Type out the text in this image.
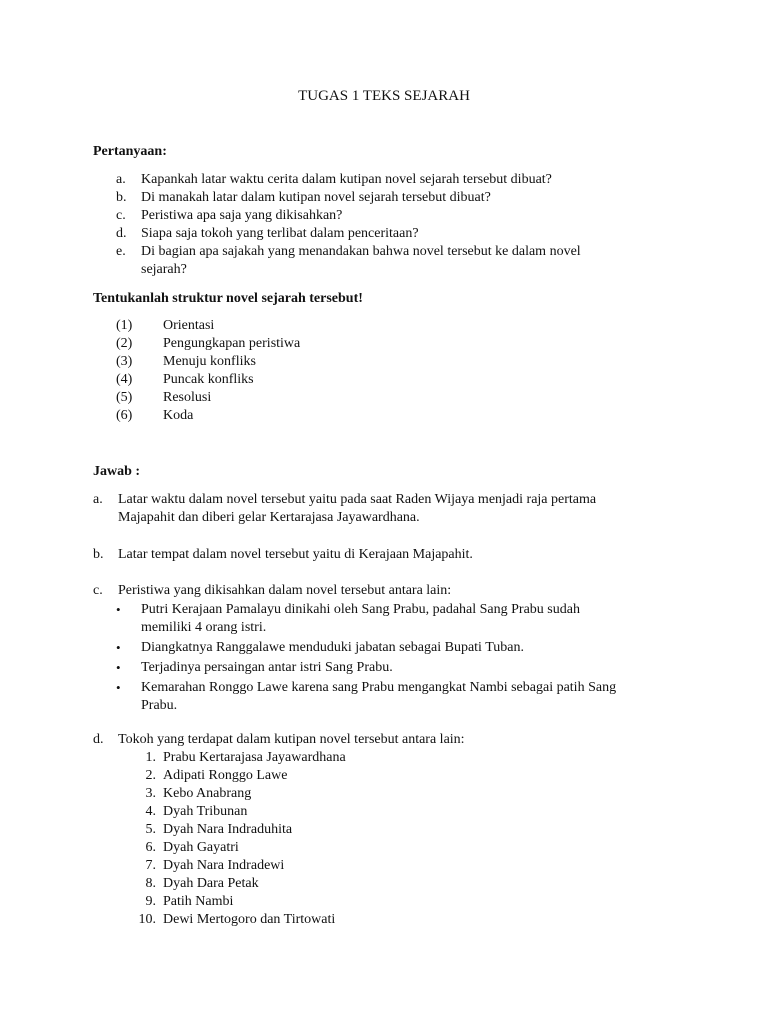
TUGAS 1 TEKS SEJARAH
Pertanyaan:
a. Kapankah latar waktu cerita dalam kutipan novel sejarah tersebut dibuat?
b. Di manakah latar dalam kutipan novel sejarah tersebut dibuat?
c. Peristiwa apa saja yang dikisahkan?
d. Siapa saja tokoh yang terlibat dalam penceritaan?
e. Di bagian apa sajakah yang menandakan bahwa novel tersebut ke dalam novel
sejarah?
Tentukanlah struktur novel sejarah tersebut!
(1) Orientasi
(2) Pengungkapan peristiwa
(3) Menuju konfliks
(4) Puncak konfliks
(5) Resolusi
(6) Koda
Jawab :
a. Latar waktu dalam novel tersebut yaitu pada saat Raden Wijaya menjadi raja pertama
Majapahit dan diberi gelar Kertarajasa Jayawardhana.
b. Latar tempat dalam novel tersebut yaitu di Kerajaan Majapahit.
c. Peristiwa yang dikisahkan dalam novel tersebut antara lain:
• Putri Kerajaan Pamalayu dinikahi oleh Sang Prabu, padahal Sang Prabu sudah
memiliki 4 orang istri.
• Diangkatnya Ranggalawe menduduki jabatan sebagai Bupati Tuban.
• Terjadinya persaingan antar istri Sang Prabu.
• Kemarahan Ronggo Lawe karena sang Prabu mengangkat Nambi sebagai patih Sang
Prabu.
d. Tokoh yang terdapat dalam kutipan novel tersebut antara lain:
1. Prabu Kertarajasa Jayawardhana
2. Adipati Ronggo Lawe
3. Kebo Anabrang
4. Dyah Tribunan
5. Dyah Nara Indraduhita
6. Dyah Gayatri
7. Dyah Nara Indradewi
8. Dyah Dara Petak
9. Patih Nambi
10. Dewi Mertogoro dan Tirtowati
